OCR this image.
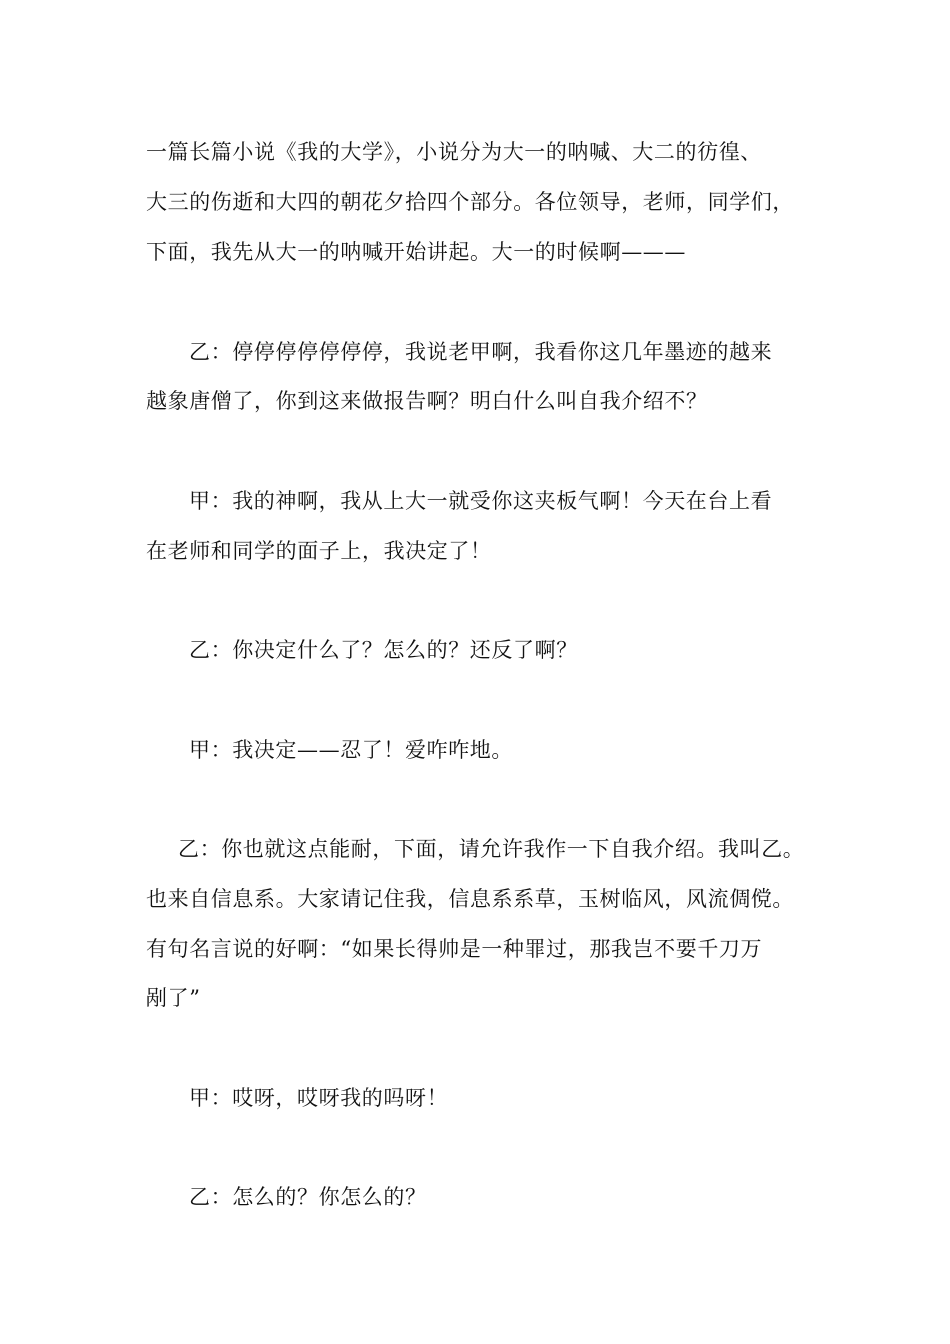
一篇长篇小说《我的大学》，小说分为大一的呐喊、大二的彷徨、
大三的伤逝和大四的朝花夕拾四个部分。各位领导，老师，同学们，
下面，我先从大一的呐喊开始讲起。大一的时候啊———
乙：停停停停停停停，我说老甲啊，我看你这几年墨迹的越来
越象唐僧了，你到这来做报告啊？明白什么叫自我介绍不？
甲：我的神啊，我从上大一就受你这夹板气啊！今天在台上看
在老师和同学的面子上，我决定了！
乙：你决定什么了？怎么的？还反了啊？
甲：我决定——忍了！爱咋咋地。
乙：你也就这点能耐，下面，请允许我作一下自我介绍。我叫乙。
也来自信息系。大家请记住我，信息系系草，玉树临风，风流倜傥。
有句名言说的好啊：“如果长得帅是一种罪过，那我岂不要千刀万
剐了”
甲：哎呀，哎呀我的吗呀！
乙：怎么的？你怎么的？
